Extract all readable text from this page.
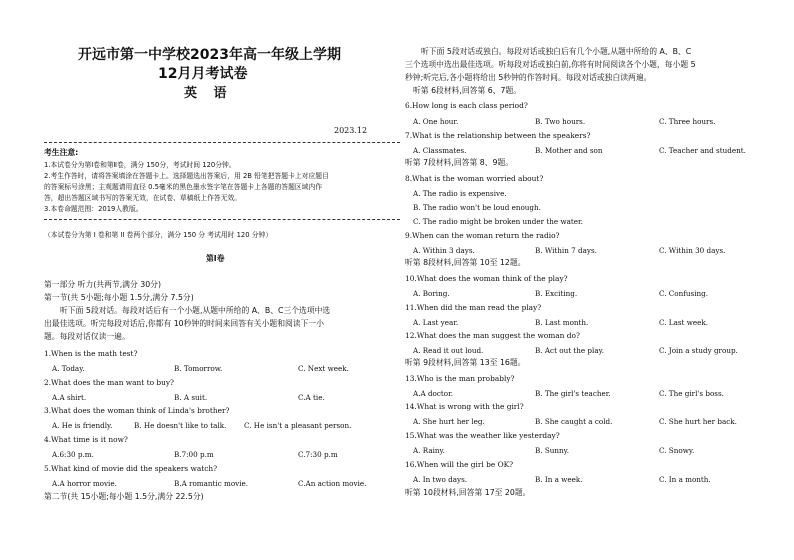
开远市第一中学校2023年高一年级上学期
12月月考试卷
英 语
2023.12
考生注意:
1.本试卷分为第Ⅰ卷和第Ⅱ卷，满分 150分，考试时间 120分钟。
2.考生作答时，请将答案填涂在答题卡上。选择题选出答案后，用 2B 铅笔把答题卡上对应题目
的答案标号涂黑；主观题请用直径 0.5毫米的黑色墨水签字笔在答题卡上各题的答题区域内作
答，超出答题区域书写的答案无效，在试卷、草稿纸上作答无效。
3.本卷命题范围：2019人教版。
（本试卷分为第 I 卷和第 II 卷两个部分，满分 150 分 考试用时 120 分钟）
第Ⅰ卷
第一部分 听力(共两节,满分 30分)
第一节(共 5小题;每小题 1.5分,满分 7.5分)
听下面 5段对话。每段对话后有一个小题,从题中所给的 A、B、C三个选项中选
出最佳选项。听完每段对话后,你都有 10秒钟的时间来回答有关小题和阅读下一小
题。每段对话仅读一遍。
1.When is the math test?
A. Today.	B. Tomorrow.	C. Next week.
2.What does the man want to buy?
A.A shirt.	B. A suit.	C.A tie.
3.What does the woman think of Linda's brother?
A. He is friendly.	B. He doesn't like to talk. C. He isn't a pleasant person.
4.What time is it now?
A.6:30 p.m.	B.7:00 p.m	C.7:30 p.m
5.What kind of movie did the speakers watch?
A.A horror movie.	B.A romantic movie.	C.An action movie.
第二节(共 15小题;每小题 1.5分,满分 22.5分)
听下面 5段对话或独白。每段对话或独白后有几个小题,从题中所给的 A、B、C
三个选项中选出最佳选项。听每段对话或独白前,你将有时间阅读各个小题，每小题 5
秒钟;听完后,各小题将给出 5秒钟的作答时间。每段对话或独白读两遍。
听第 6段材料,回答第 6、7题。
6.How long is each class period?
A. One hour.	B. Two hours.	C. Three hours.
7.What is the relationship between the speakers?
A. Classmates.	B. Mother and son	C. Teacher and student.
听第 7段材料,回答第 8、9题。
8.What is the woman worried about?
A. The radio is expensive.
B. The radio won't be loud enough.
C. The radio might be broken under the water.
9.When can the woman return the radio?
A. Within 3 days.	B. Within 7 days.	C. Within 30 days.
听第 8段材料,回答第 10至 12题。
10.What does the woman think of the play?
A. Boring.	B. Exciting.	C. Confusing.
11.When did the man read the play?
A. Last year.	B. Last month.	C. Last week.
12.What does the man suggest the woman do?
A. Read it out loud.	B. Act out the play.	C. Join a study group.
听第 9段材料,回答第 13至 16题。
13.Who is the man probably?
A.A doctor.	B. The girl's teacher.	C. The girl's boss.
14.What is wrong with the girl?
A. She hurt her leg.	B. She caught a cold.	C. She hurt her back.
15.What was the weather like yesterday?
A. Rainy.	B. Sunny.	C. Snowy.
16.When will the girl be OK?
A. In two days.	B. In a week.	C. In a month.
听第 10段材料,回答第 17至 20题。
